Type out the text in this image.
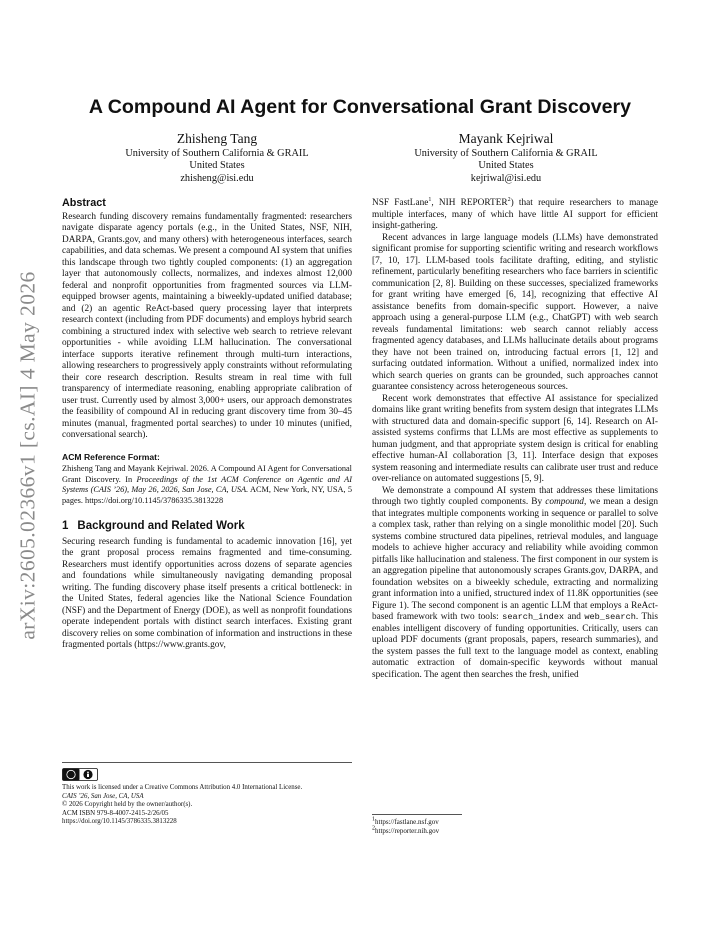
arXiv:2605.02366v1 [cs.AI] 4 May 2026
A Compound AI Agent for Conversational Grant Discovery
Zhisheng Tang
University of Southern California & GRAIL
United States
zhisheng@isi.edu
Mayank Kejriwal
University of Southern California & GRAIL
United States
kejriwal@isi.edu
Abstract

Research funding discovery remains fundamentally fragmented: researchers navigate disparate agency portals (e.g., in the United States, NSF, NIH, DARPA, Grants.gov, and many others) with heterogeneous interfaces, search capabilities, and data schemas. We present a compound AI system that unifies this landscape through two tightly coupled components: (1) an aggregation layer that autonomously collects, normalizes, and indexes almost 12,000 federal and nonprofit opportunities from fragmented sources via LLM-equipped browser agents, maintaining a biweekly-updated unified database; and (2) an agentic ReAct-based query processing layer that interprets research context (including from PDF documents) and employs hybrid search combining a structured index with selective web search to retrieve relevant opportunities - while avoiding LLM hallucination. The conversational interface supports iterative refinement through multi-turn interactions, allowing researchers to progressively apply constraints without reformulating their core research description. Results stream in real time with full transparency of intermediate reasoning, enabling appropriate calibration of user trust. Currently used by almost 3,000+ users, our approach demonstrates the feasibility of compound AI in reducing grant discovery time from 30–45 minutes (manual, fragmented portal searches) to under 10 minutes (unified, conversational search).

ACM Reference Format:

Zhisheng Tang and Mayank Kejriwal. 2026. A Compound AI Agent for Conversational Grant Discovery. In Proceedings of the 1st ACM Conference on Agentic and AI Systems (CAIS ’26), May 26, 2026, San Jose, CA, USA. ACM, New York, NY, USA, 5 pages. https://doi.org/10.1145/3786335.3813228

1 Background and Related Work

Securing research funding is fundamental to academic innovation [16], yet the grant proposal process remains fragmented and time-consuming. Researchers must identify opportunities across dozens of separate agencies and foundations while simultaneously navigating demanding proposal writing. The funding discovery phase itself presents a critical bottleneck: in the United States, federal agencies like the National Science Foundation (NSF) and the Department of Energy (DOE), as well as nonprofit foundations operate independent portals with distinct search interfaces. Existing grant discovery relies on some combination of information and instructions in these fragmented portals (https://www.grants.gov,

This work is licensed under a Creative Commons Attribution 4.0 International License.
CAIS ’26, San Jose, CA, USA
© 2026 Copyright held by the owner/author(s).
ACM ISBN 979-8-4007-2415-2/26/05
https://doi.org/10.1145/3786335.3813228

NSF FastLane$^1$, NIH REPORTER$^2$) that require researchers to manage multiple interfaces, many of which have little AI support for efficient insight-gathering.

Recent advances in large language models (LLMs) have demonstrated significant promise for supporting scientific writing and research workflows [7, 10, 17]. LLM-based tools facilitate drafting, editing, and stylistic refinement, particularly benefiting researchers who face barriers in scientific communication [2, 8]. Building on these successes, specialized frameworks for grant writing have emerged [6, 14], recognizing that effective AI assistance benefits from domain-specific support. However, a naive approach using a general-purpose LLM (e.g., ChatGPT) with web search reveals fundamental limitations: web search cannot reliably access fragmented agency databases, and LLMs hallucinate details about programs they have not been trained on, introducing factual errors [1, 12] and surfacing outdated information. Without a unified, normalized index into which search queries on grants can be grounded, such approaches cannot guarantee consistency across heterogeneous sources.

Recent work demonstrates that effective AI assistance for specialized domains like grant writing benefits from system design that integrates LLMs with structured data and domain-specific support [6, 14]. Research on AI-assisted systems confirms that LLMs are most effective as supplements to human judgment, and that appropriate system design is critical for enabling effective human-AI collaboration [3, 11]. Interface design that exposes system reasoning and intermediate results can calibrate user trust and reduce over-reliance on automated suggestions [5, 9].

We demonstrate a compound AI system that addresses these limitations through two tightly coupled components. By compound, we mean a design that integrates multiple components working in sequence or parallel to solve a complex task, rather than relying on a single monolithic model [20]. Such systems combine structured data pipelines, retrieval modules, and language models to achieve higher accuracy and reliability while avoiding common pitfalls like hallucination and staleness. The first component in our system is an aggregation pipeline that autonomously scrapes Grants.gov, DARPA, and foundation websites on a biweekly schedule, extracting and normalizing grant information into a unified, structured index of 11.8K opportunities (see Figure 1). The second component is an agentic LLM that employs a ReAct-based framework with two tools: search_index and web_search. This enables intelligent discovery of funding opportunities. Critically, users can upload PDF documents (grant proposals, papers, research summaries), and the system passes the full text to the language model as context, enabling automatic extraction of domain-specific keywords without manual specification. The agent then searches the fresh, unified

$^1$https://fastlane.nsf.gov
$^2$https://reporter.nih.gov
